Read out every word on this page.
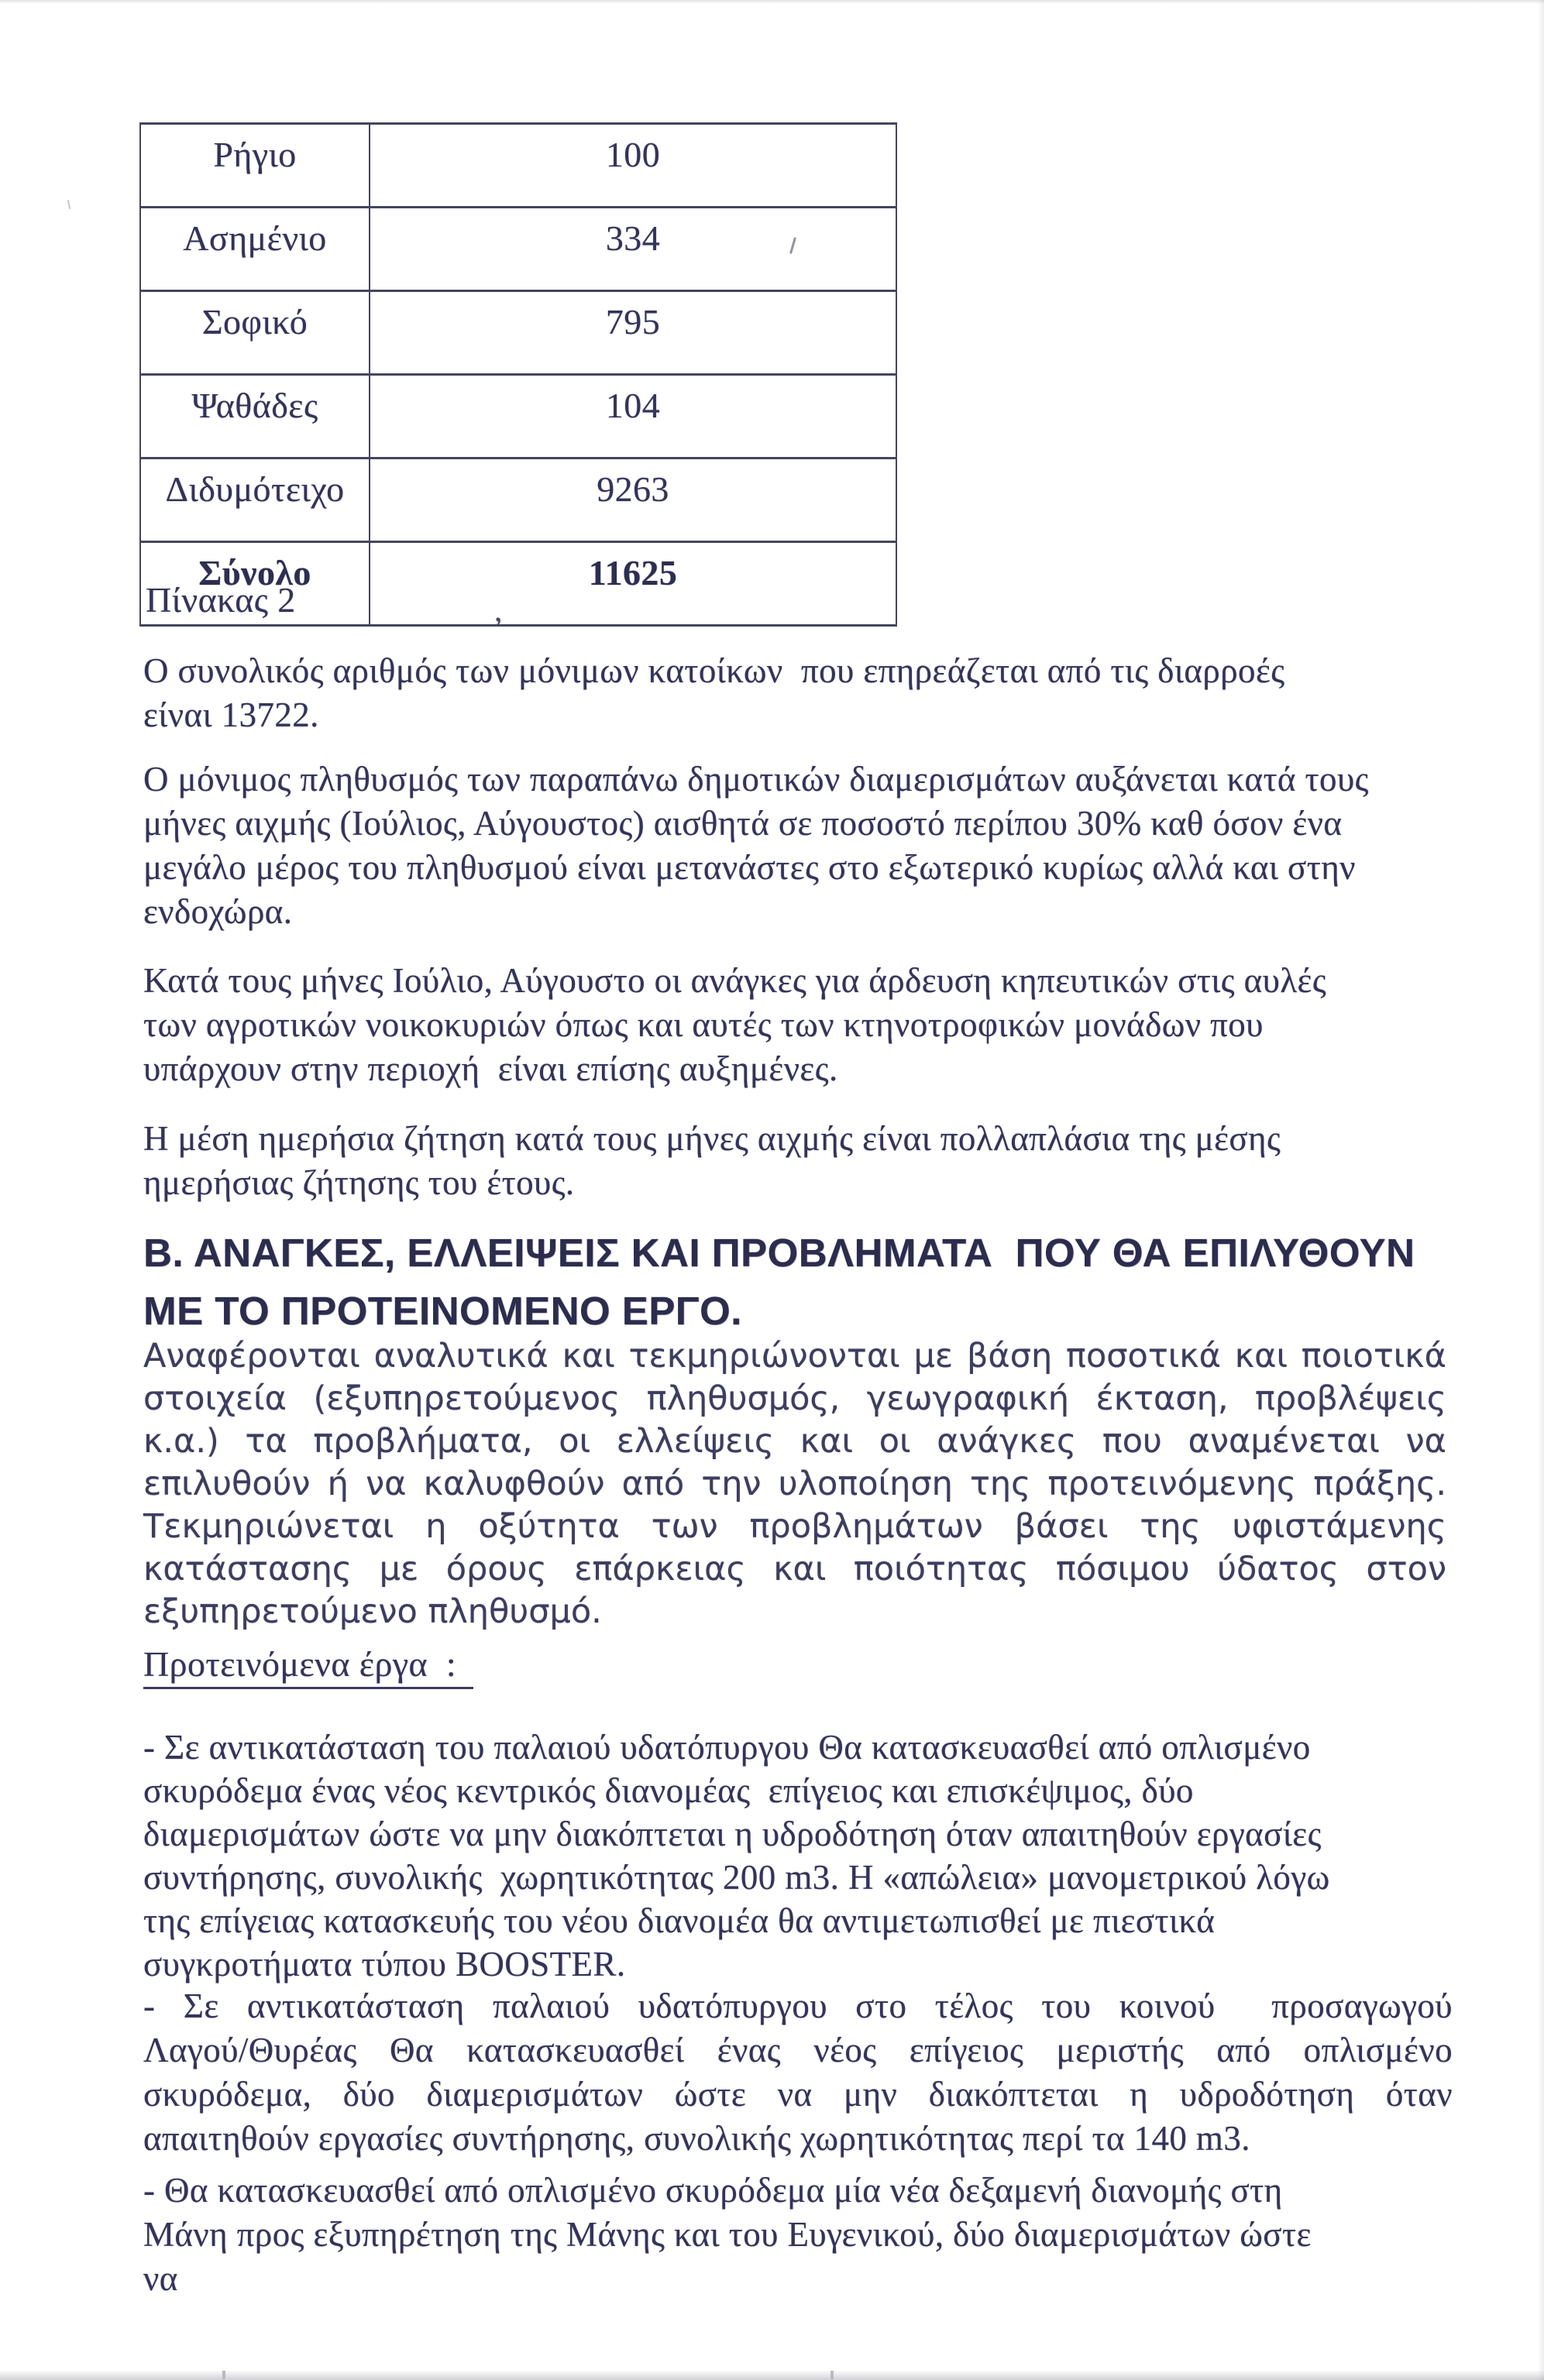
Ρήγιο	100
Ασημένιο	334
Σοφικό	795
Ψαθάδες	104
Διδυμότειχο	9263
Σύνολο	11625
,
Πίνακας 2

Ο συνολικός αριθμός των μόνιμων κατοίκων  που επηρεάζεται από τις διαρροές είναι 13722.

Ο μόνιμος πληθυσμός των παραπάνω δημοτικών διαμερισμάτων αυξάνεται κατά τους μήνες αιχμής (Ιούλιος, Αύγουστος) αισθητά σε ποσοστό περίπου 30% καθ όσον ένα μεγάλο μέρος του πληθυσμού είναι μετανάστες στο εξωτερικό κυρίως αλλά και στην ενδοχώρα.

Κατά τους μήνες Ιούλιο, Αύγουστο οι ανάγκες για άρδευση κηπευτικών στις αυλές των αγροτικών νοικοκυριών όπως και αυτές των κτηνοτροφικών μονάδων που υπάρχουν στην περιοχή  είναι επίσης αυξημένες.

Η μέση ημερήσια ζήτηση κατά τους μήνες αιχμής είναι πολλαπλάσια της μέσης ημερήσιας ζήτησης του έτους.

Β. ΑΝΑΓΚΕΣ, ΕΛΛΕΙΨΕΙΣ ΚΑΙ ΠΡΟΒΛΗΜΑΤΑ  ΠΟΥ ΘΑ ΕΠΙΛΥΘΟΥΝ
ΜΕ ΤΟ ΠΡΟΤΕΙΝΟΜΕΝΟ ΕΡΓΟ.
Αναφέρονται αναλυτικά και τεκμηριώνονται με βάση ποσοτικά και ποιοτικά
στοιχεία (εξυπηρετούμενος πληθυσμός, γεωγραφική έκταση, προβλέψεις
κ.α.) τα προβλήματα, οι ελλείψεις και οι ανάγκες που αναμένεται να
επιλυθούν ή να καλυφθούν από την υλοποίηση της προτεινόμενης πράξης.
Τεκμηριώνεται η οξύτητα των προβλημάτων βάσει της υφιστάμενης
κατάστασης με όρους επάρκειας και ποιότητας πόσιμου ύδατος στον
εξυπηρετούμενο πληθυσμό.
Προτεινόμενα έργα  :

- Σε αντικατάσταση του παλαιού υδατόπυργου Θα κατασκευασθεί από οπλισμένο σκυρόδεμα ένας νέος κεντρικός διανομέας  επίγειος και επισκέψιμος, δύο διαμερισμάτων ώστε να μην διακόπτεται η υδροδότηση όταν απαιτηθούν εργασίες συντήρησης, συνολικής  χωρητικότητας 200 m3. Η «απώλεια» μανομετρικού λόγω της επίγειας κατασκευής του νέου διανομέα θα αντιμετωπισθεί με πιεστικά συγκροτήματα τύπου BOOSTER.

- Σε αντικατάσταση παλαιού υδατόπυργου στο τέλος του κοινού  προσαγωγού
Λαγού/Θυρέας Θα κατασκευασθεί ένας νέος επίγειος μεριστής από οπλισμένο
σκυρόδεμα, δύο διαμερισμάτων ώστε να μην διακόπτεται η υδροδότηση όταν
απαιτηθούν εργασίες συντήρησης, συνολικής χωρητικότητας περί τα 140 m3.

- Θα κατασκευασθεί από οπλισμένο σκυρόδεμα μία νέα δεξαμενή διανομής στη Μάνη προς εξυπηρέτηση της Μάνης και του Ευγενικού, δύο διαμερισμάτων ώστε να
